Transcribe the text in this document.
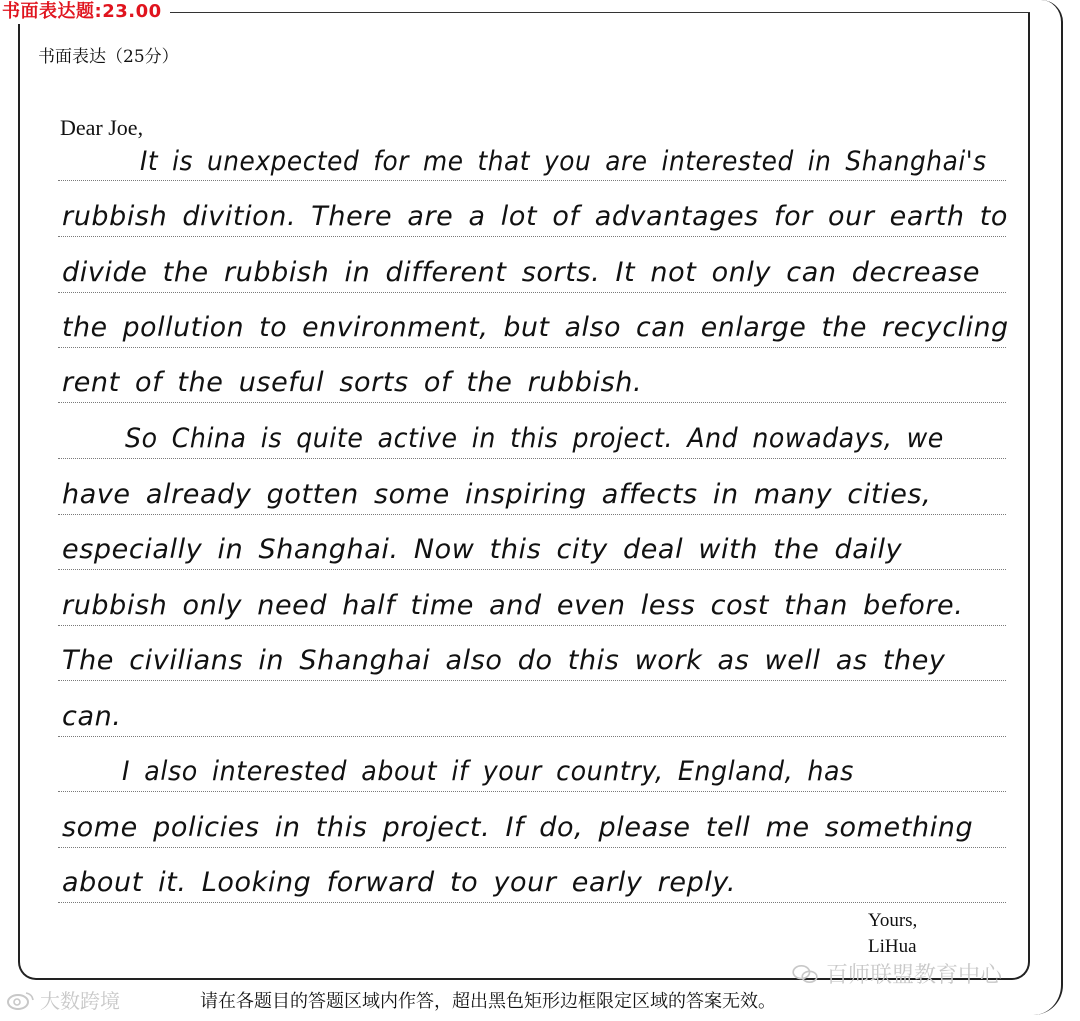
书面表达题:23.00
书面表达（25分）
Dear Joe,
It is unexpected for me that you are interested in Shanghai's
rubbish divition. There are a lot of advantages for our earth to
divide the rubbish in different sorts. It not only can decrease
the pollution to environment, but also can enlarge the recycling
rent of the useful sorts of the rubbish.
So China is quite active in this project. And nowadays, we
have already gotten some inspiring affects in many cities,
especially in Shanghai. Now this city deal with the daily
rubbish only need half time and even less cost than before.
The civilians in Shanghai also do this work as well as they
can.
I also interested about if your country, England, has
some policies in this project. If do, please tell me something
about it. Looking forward to your early reply.
Yours,
LiHua
请在各题目的答题区域内作答，超出黑色矩形边框限定区域的答案无效。
大数跨境
百师联盟教育中心
